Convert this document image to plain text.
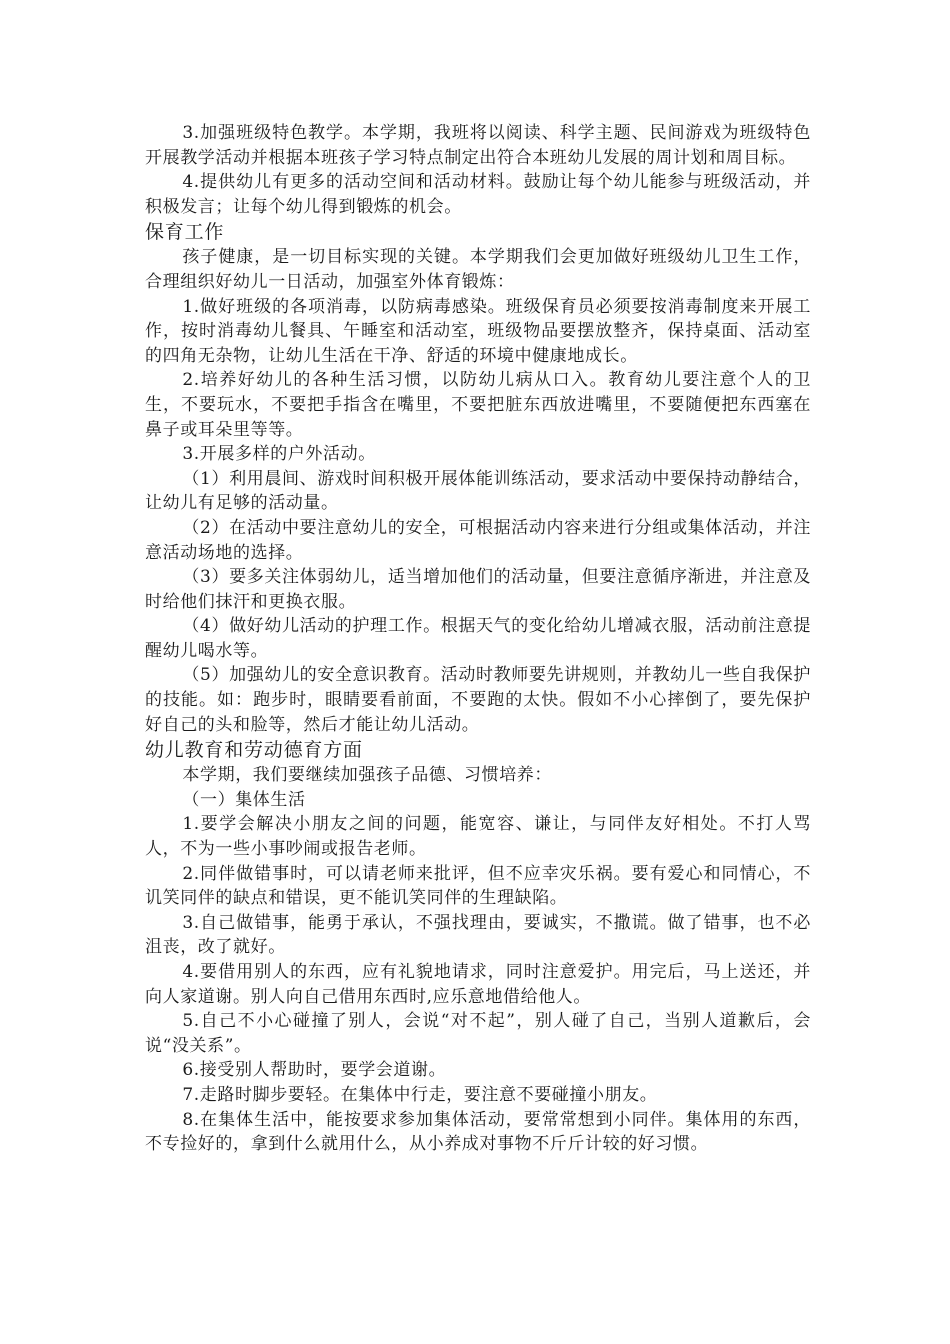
3.加强班级特色教学。本学期，我班将以阅读、科学主题、民间游戏为班级特色开展教学活动并根据本班孩子学习特点制定出符合本班幼儿发展的周计划和周目标。

4.提供幼儿有更多的活动空间和活动材料。鼓励让每个幼儿能参与班级活动，并积极发言；让每个幼儿得到锻炼的机会。

保育工作

孩子健康，是一切目标实现的关键。本学期我们会更加做好班级幼儿卫生工作，合理组织好幼儿一日活动，加强室外体育锻炼：

1.做好班级的各项消毒，以防病毒感染。班级保育员必须要按消毒制度来开展工作，按时消毒幼儿餐具、午睡室和活动室，班级物品要摆放整齐，保持桌面、活动室的四角无杂物，让幼儿生活在干净、舒适的环境中健康地成长。

2.培养好幼儿的各种生活习惯，以防幼儿病从口入。教育幼儿要注意个人的卫生，不要玩水，不要把手指含在嘴里，不要把脏东西放进嘴里，不要随便把东西塞在鼻子或耳朵里等等。

3.开展多样的户外活动。

（1）利用晨间、游戏时间积极开展体能训练活动，要求活动中要保持动静结合，让幼儿有足够的活动量。

（2）在活动中要注意幼儿的安全，可根据活动内容来进行分组或集体活动，并注意活动场地的选择。

（3）要多关注体弱幼儿，适当增加他们的活动量，但要注意循序渐进，并注意及时给他们抹汗和更换衣服。

（4）做好幼儿活动的护理工作。根据天气的变化给幼儿增减衣服，活动前注意提醒幼儿喝水等。

（5）加强幼儿的安全意识教育。活动时教师要先讲规则，并教幼儿一些自我保护的技能。如：跑步时，眼睛要看前面，不要跑的太快。假如不小心摔倒了，要先保护好自己的头和脸等，然后才能让幼儿活动。

幼儿教育和劳动德育方面

本学期，我们要继续加强孩子品德、习惯培养：

（一）集体生活

1.要学会解决小朋友之间的问题，能宽容、谦让，与同伴友好相处。不打人骂人，不为一些小事吵闹或报告老师。

2.同伴做错事时，可以请老师来批评，但不应幸灾乐祸。要有爱心和同情心，不讥笑同伴的缺点和错误，更不能讥笑同伴的生理缺陷。

3.自己做错事，能勇于承认，不强找理由，要诚实，不撒谎。做了错事，也不必沮丧，改了就好。

4.要借用别人的东西，应有礼貌地请求，同时注意爱护。用完后，马上送还，并向人家道谢。别人向自己借用东西时,应乐意地借给他人。

5.自己不小心碰撞了别人，会说“对不起”，别人碰了自己，当别人道歉后，会说“没关系”。

6.接受别人帮助时，要学会道谢。

7.走路时脚步要轻。在集体中行走，要注意不要碰撞小朋友。

8.在集体生活中，能按要求参加集体活动，要常常想到小同伴。集体用的东西，不专捡好的，拿到什么就用什么，从小养成对事物不斤斤计较的好习惯。
